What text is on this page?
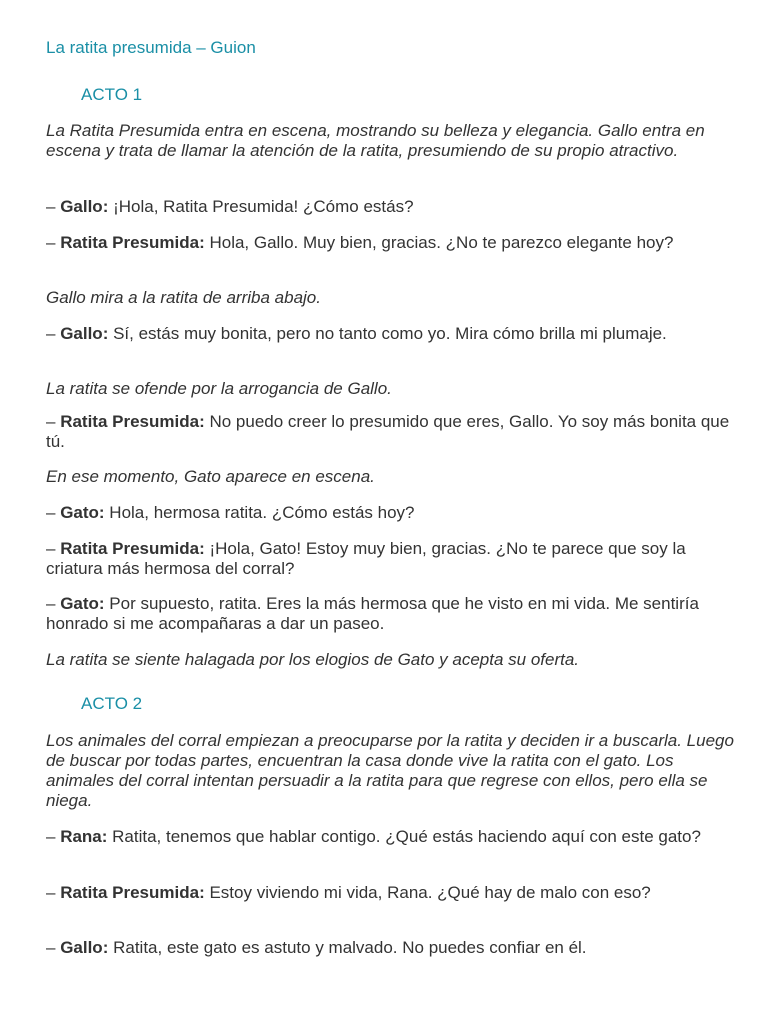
La ratita presumida – Guion
ACTO 1
La Ratita Presumida entra en escena, mostrando su belleza y elegancia. Gallo entra en escena y trata de llamar la atención de la ratita, presumiendo de su propio atractivo.
– Gallo: ¡Hola, Ratita Presumida! ¿Cómo estás?
– Ratita Presumida: Hola, Gallo. Muy bien, gracias. ¿No te parezco elegante hoy?
Gallo mira a la ratita de arriba abajo.
– Gallo: Sí, estás muy bonita, pero no tanto como yo. Mira cómo brilla mi plumaje.
La ratita se ofende por la arrogancia de Gallo.
– Ratita Presumida: No puedo creer lo presumido que eres, Gallo. Yo soy más bonita que tú.
En ese momento, Gato aparece en escena.
– Gato: Hola, hermosa ratita. ¿Cómo estás hoy?
– Ratita Presumida: ¡Hola, Gato! Estoy muy bien, gracias. ¿No te parece que soy la criatura más hermosa del corral?
– Gato: Por supuesto, ratita. Eres la más hermosa que he visto en mi vida. Me sentiría honrado si me acompañaras a dar un paseo.
La ratita se siente halagada por los elogios de Gato y acepta su oferta.
ACTO 2
Los animales del corral empiezan a preocuparse por la ratita y deciden ir a buscarla. Luego de buscar por todas partes, encuentran la casa donde vive la ratita con el gato. Los animales del corral intentan persuadir a la ratita para que regrese con ellos, pero ella se niega.
– Rana: Ratita, tenemos que hablar contigo. ¿Qué estás haciendo aquí con este gato?
– Ratita Presumida: Estoy viviendo mi vida, Rana. ¿Qué hay de malo con eso?
– Gallo: Ratita, este gato es astuto y malvado. No puedes confiar en él.
